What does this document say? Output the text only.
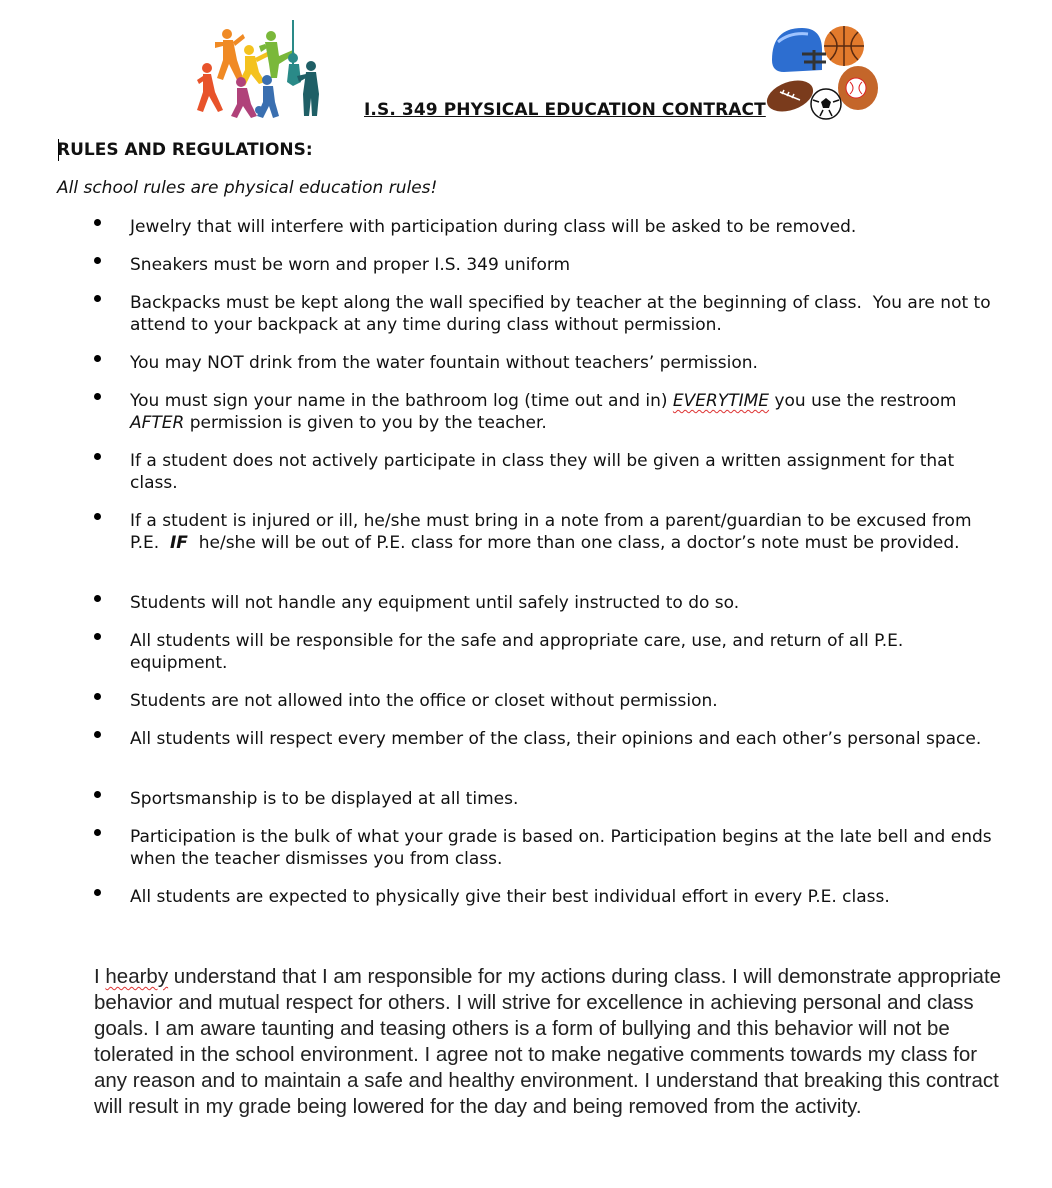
I.S. 349 PHYSICAL EDUCATION CONTRACT
RULES AND REGULATIONS:
All school rules are physical education rules!
Jewelry that will interfere with participation during class will be asked to be removed.
Sneakers must be worn and proper I.S. 349 uniform
Backpacks must be kept along the wall specified by teacher at the beginning of class.  You are not to attend to your backpack at any time during class without permission.
You may NOT drink from the water fountain without teachers’ permission.
You must sign your name in the bathroom log (time out and in) EVERYTIME you use the restroom AFTER permission is given to you by the teacher.
If a student does not actively participate in class they will be given a written assignment for that class.
If a student is injured or ill, he/she must bring in a note from a parent/guardian to be excused from P.E.  IF  he/she will be out of P.E. class for more than one class, a doctor’s note must be provided.
Students will not handle any equipment until safely instructed to do so.
All students will be responsible for the safe and appropriate care, use, and return of all P.E. equipment.
Students are not allowed into the office or closet without permission.
All students will respect every member of the class, their opinions and each other’s personal space.
Sportsmanship is to be displayed at all times.
Participation is the bulk of what your grade is based on. Participation begins at the late bell and ends when the teacher dismisses you from class.
All students are expected to physically give their best individual effort in every P.E. class.
I hearby understand that I am responsible for my actions during class. I will demonstrate appropriate behavior and mutual respect for others. I will strive for excellence in achieving personal and class goals. I am aware taunting and teasing others is a form of bullying and this behavior will not be tolerated in the school environment. I agree not to make negative comments towards my class for any reason and to maintain a safe and healthy environment. I understand that breaking this contract will result in my grade being lowered for the day and being removed from the activity.
